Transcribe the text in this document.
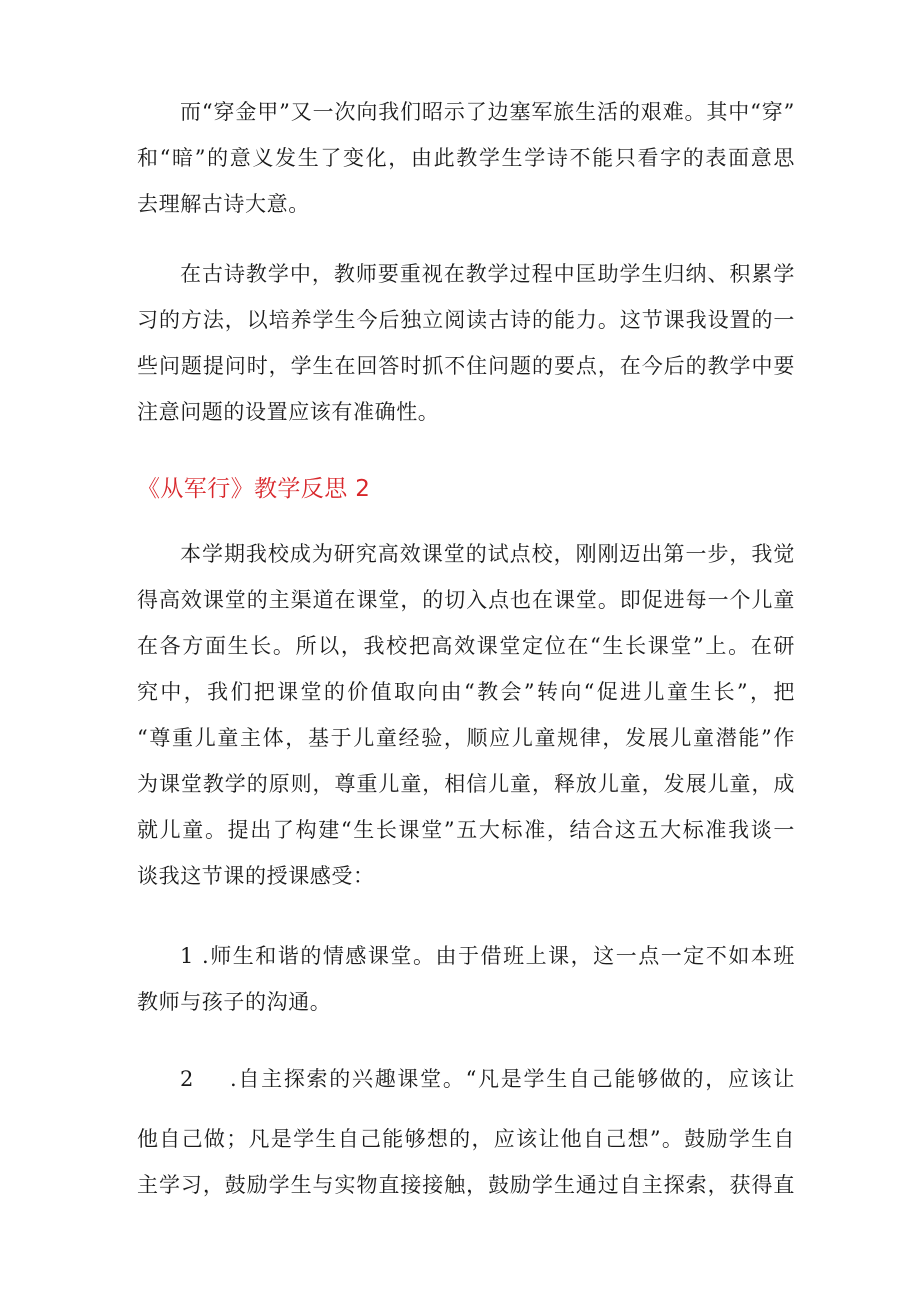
而“穿金甲”又一次向我们昭示了边塞军旅生活的艰难。其中“穿”
和“暗”的意义发生了变化，由此教学生学诗不能只看字的表面意思
去理解古诗大意。

在古诗教学中，教师要重视在教学过程中匡助学生归纳、积累学
习的方法，以培养学生今后独立阅读古诗的能力。这节课我设置的一
些问题提问时，学生在回答时抓不住问题的要点，在今后的教学中要
注意问题的设置应该有准确性。

《从军行》教学反思 2

本学期我校成为研究高效课堂的试点校，刚刚迈出第一步，我觉
得高效课堂的主渠道在课堂，的切入点也在课堂。即促进每一个儿童
在各方面生长。所以，我校把高效课堂定位在“生长课堂”上。在研
究中，我们把课堂的价值取向由“教会”转向“促进儿童生长”，把
“尊重儿童主体，基于儿童经验，顺应儿童规律，发展儿童潜能”作
为课堂教学的原则，尊重儿童，相信儿童，释放儿童，发展儿童，成
就儿童。提出了构建“生长课堂”五大标准，结合这五大标准我谈一
谈我这节课的授课感受：

1 .师生和谐的情感课堂。由于借班上课，这一点一定不如本班
教师与孩子的沟通。

2 .自主探索的兴趣课堂。“凡是学生自己能够做的，应该让

他自己做；凡是学生自己能够想的，应该让他自己想”。鼓励学生自
主学习，鼓励学生与实物直接接触，鼓励学生通过自主探索，获得直
